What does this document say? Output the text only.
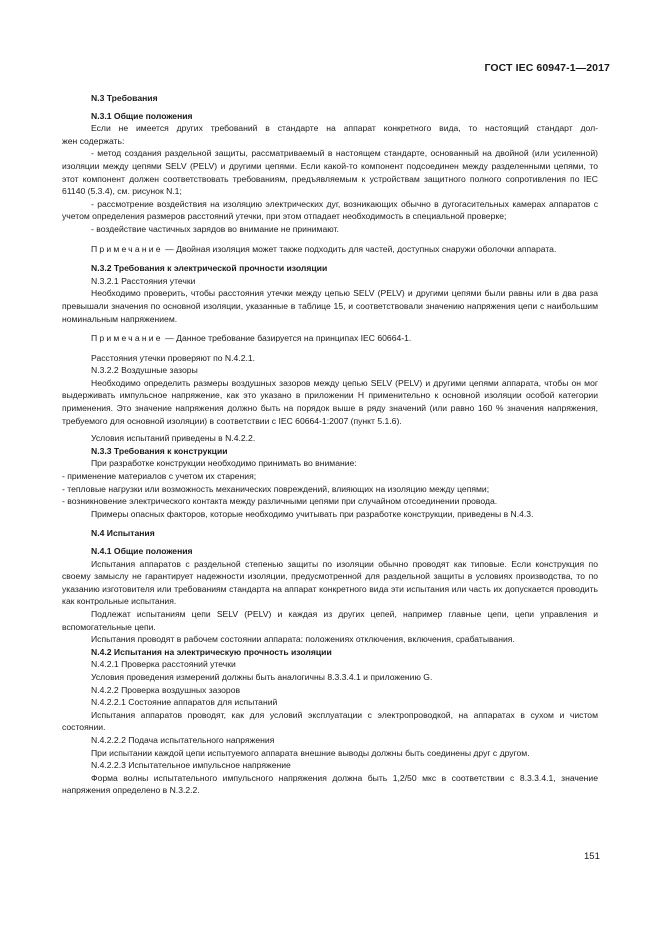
ГОСТ IEC 60947-1—2017

N.3 Требования

N.3.1 Общие положения

Если не имеется других требований в стандарте на аппарат конкретного вида, то настоящий стандарт дол-

жен содержать:

- метод создания раздельной защиты, рассматриваемый в настоящем стандарте, основанный на двойной (или усиленной) изоляции между цепями SELV (PELV) и другими цепями. Если какой-то компонент подсоединен между разделенными цепями, то этот компонент должен соответствовать требованиям, предъявляемым к устройствам защитного полного сопротивления по IEC 61140 (5.3.4), см. рисунок N.1;

- рассмотрение воздействия на изоляцию электрических дуг, возникающих обычно в дугогасительных камерах аппаратов с учетом определения размеров расстояний утечки, при этом отпадает необходимость в специальной проверке;

- воздействие частичных зарядов во внимание не принимают.

Примечание — Двойная изоляция может также подходить для частей, доступных снаружи оболочки аппарата.

N.3.2 Требования к электрической прочности изоляции

N.3.2.1 Расстояния утечки

Необходимо проверить, чтобы расстояния утечки между цепью SELV (PELV) и другими цепями были равны или в два раза превышали значения по основной изоляции, указанные в таблице 15, и соответствовали значению напряжения цепи с наибольшим номинальным напряжением.

Примечание — Данное требование базируется на принципах IEC 60664-1.

Расстояния утечки проверяют по N.4.2.1.

N.3.2.2 Воздушные зазоры

Необходимо определить размеры воздушных зазоров между цепью SELV (PELV) и другими цепями аппарата, чтобы он мог выдерживать импульсное напряжение, как это указано в приложении H применительно к основной изоляции особой категории применения. Это значение напряжения должно быть на порядок выше в ряду значений (или равно 160 % значения напряжения, требуемого для основной изоляции) в соответствии с IEC 60664-1:2007 (пункт 5.1.6).

Условия испытаний приведены в N.4.2.2.

N.3.3 Требования к конструкции

При разработке конструкции необходимо принимать во внимание:

- применение материалов с учетом их старения;

- тепловые нагрузки или возможность механических повреждений, влияющих на изоляцию между цепями;

- возникновение электрического контакта между различными цепями при случайном отсоединении провода.

Примеры опасных факторов, которые необходимо учитывать при разработке конструкции, приведены в N.4.3.

N.4 Испытания

N.4.1 Общие положения

Испытания аппаратов с раздельной степенью защиты по изоляции обычно проводят как типовые. Если конструкция по своему замыслу не гарантирует надежности изоляции, предусмотренной для раздельной защиты в условиях производства, то по указанию изготовителя или требованиям стандарта на аппарат конкретного вида эти испытания или часть их допускается проводить как контрольные испытания.

Подлежат испытаниям цепи SELV (PELV) и каждая из других цепей, например главные цепи, цепи управления и вспомогательные цепи.

Испытания проводят в рабочем состоянии аппарата: положениях отключения, включения, срабатывания.

N.4.2 Испытания на электрическую прочность изоляции

N.4.2.1 Проверка расстояний утечки

Условия проведения измерений должны быть аналогичны 8.3.3.4.1 и приложению G.

N.4.2.2 Проверка воздушных зазоров

N.4.2.2.1 Состояние аппаратов для испытаний

Испытания аппаратов проводят, как для условий эксплуатации с электропроводкой, на аппаратах в сухом и чистом состоянии.

N.4.2.2.2 Подача испытательного напряжения

При испытании каждой цепи испытуемого аппарата внешние выводы должны быть соединены друг с другом.

N.4.2.2.3 Испытательное импульсное напряжение

Форма волны испытательного импульсного напряжения должна быть 1,2/50 мкс в соответствии с 8.3.3.4.1, значение напряжения определено в N.3.2.2.

151
